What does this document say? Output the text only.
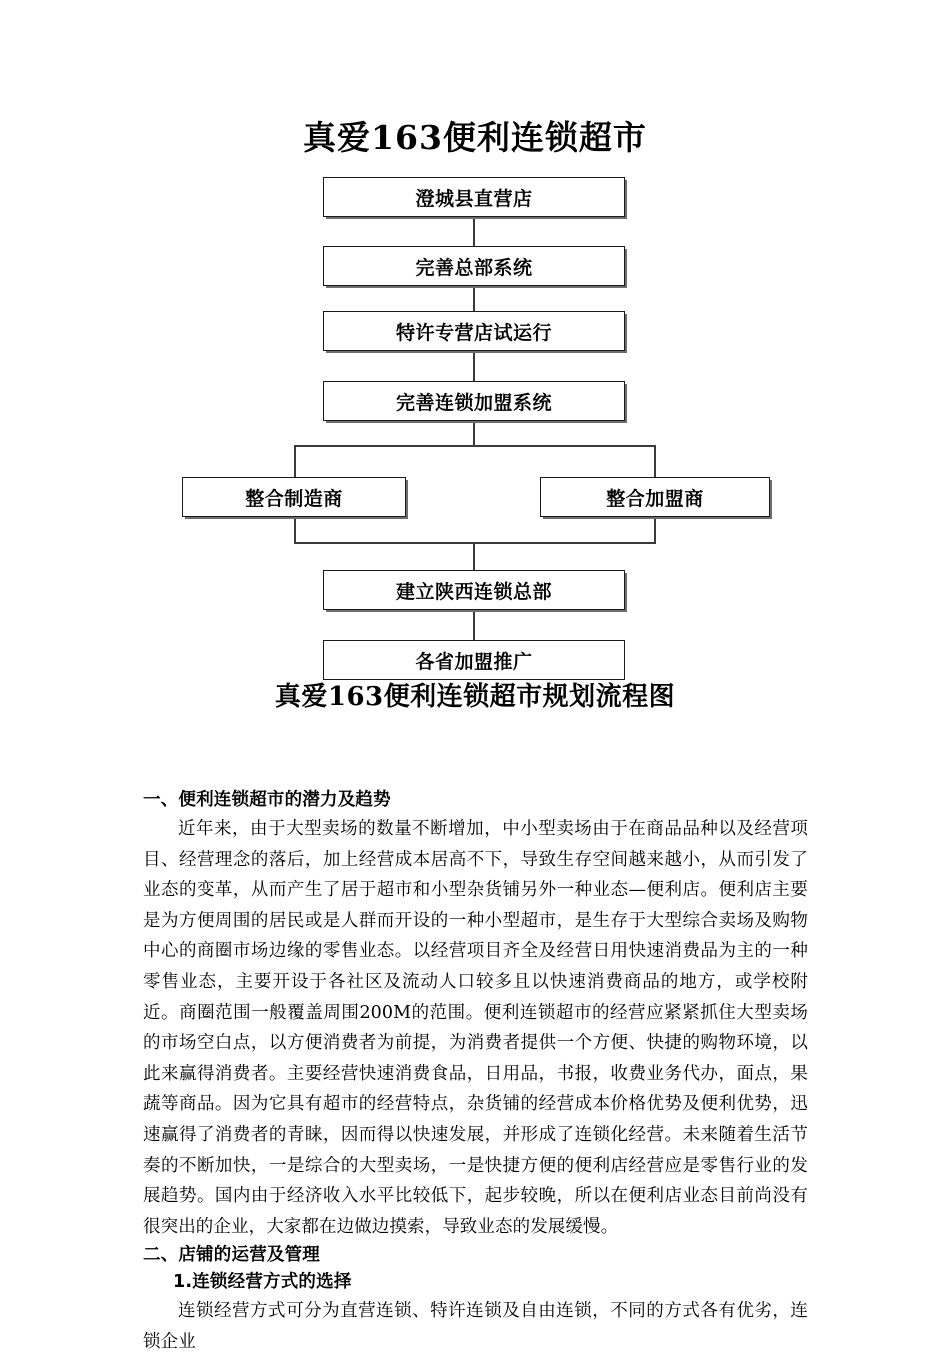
真爱163便利连锁超市
澄城县直营店
完善总部系统
特许专营店试运行
完善连锁加盟系统
整合制造商	整合加盟商
建立陕西连锁总部
各省加盟推广
真爱163便利连锁超市规划流程图
一、便利连锁超市的潜力及趋势

近年来，由于大型卖场的数量不断增加，中小型卖场由于在商品品种以及经营项目、经营理念的落后，加上经营成本居高不下，导致生存空间越来越小，从而引发了业态的变革，从而产生了居于超市和小型杂货铺另外一种业态—便利店。便利店主要是为方便周围的居民或是人群而开设的一种小型超市，是生存于大型综合卖场及购物中心的商圈市场边缘的零售业态。以经营项目齐全及经营日用快速消费品为主的一种零售业态，主要开设于各社区及流动人口较多且以快速消费商品的地方，或学校附近。商圈范围一般覆盖周围200M的范围。便利连锁超市的经营应紧紧抓住大型卖场的市场空白点，以方便消费者为前提，为消费者提供一个方便、快捷的购物环境，以此来赢得消费者。主要经营快速消费食品，日用品，书报，收费业务代办，面点，果蔬等商品。因为它具有超市的经营特点，杂货铺的经营成本价格优势及便利优势，迅速赢得了消费者的青睐，因而得以快速发展，并形成了连锁化经营。未来随着生活节奏的不断加快，一是综合的大型卖场，一是快捷方便的便利店经营应是零售行业的发展趋势。国内由于经济收入水平比较低下，起步较晚，所以在便利店业态目前尚没有很突出的企业，大家都在边做边摸索，导致业态的发展缓慢。

二、店铺的运营及管理
1.连锁经营方式的选择

连锁经营方式可分为直营连锁、特许连锁及自由连锁，不同的方式各有优劣，连锁企业
